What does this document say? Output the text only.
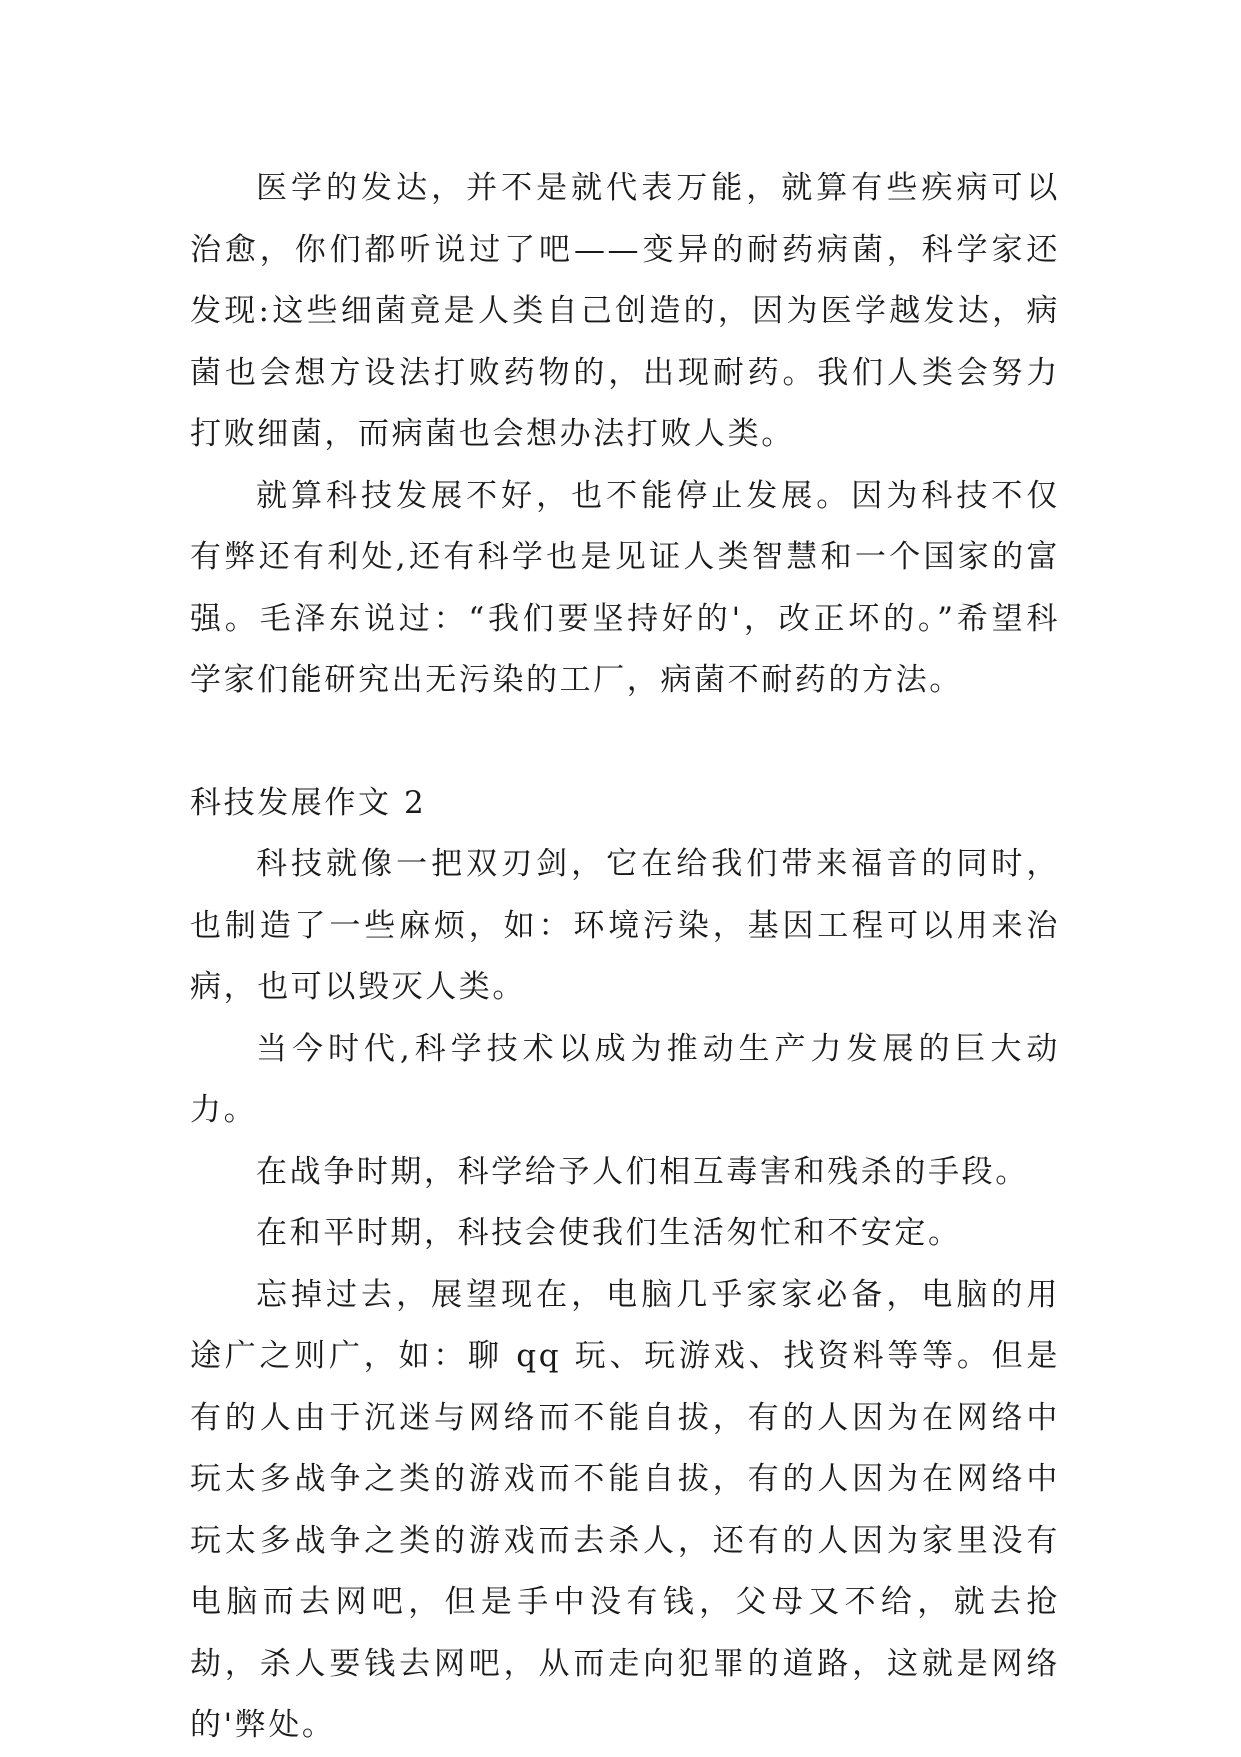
医学的发达，并不是就代表万能，就算有些疾病可以治愈，你们都听说过了吧——变异的耐药病菌，科学家还发现:这些细菌竟是人类自己创造的，因为医学越发达，病菌也会想方设法打败药物的，出现耐药。我们人类会努力打败细菌，而病菌也会想办法打败人类。

就算科技发展不好，也不能停止发展。因为科技不仅有弊还有利处,还有科学也是见证人类智慧和一个国家的富强。毛泽东说过：“我们要坚持好的'，改正坏的。”希望科学家们能研究出无污染的工厂，病菌不耐药的方法。

科技发展作文 2

科技就像一把双刃剑，它在给我们带来福音的同时，也制造了一些麻烦，如：环境污染，基因工程可以用来治病，也可以毁灭人类。

当今时代,科学技术以成为推动生产力发展的巨大动力。

在战争时期，科学给予人们相互毒害和残杀的手段。

在和平时期，科技会使我们生活匆忙和不安定。

忘掉过去，展望现在，电脑几乎家家必备，电脑的用途广之则广，如：聊 qq 玩、玩游戏、找资料等等。但是有的人由于沉迷与网络而不能自拔，有的人因为在网络中玩太多战争之类的游戏而不能自拔，有的人因为在网络中玩太多战争之类的游戏而去杀人，还有的人因为家里没有电脑而去网吧，但是手中没有钱，父母又不给，就去抢劫，杀人要钱去网吧，从而走向犯罪的道路，这就是网络的'弊处。
